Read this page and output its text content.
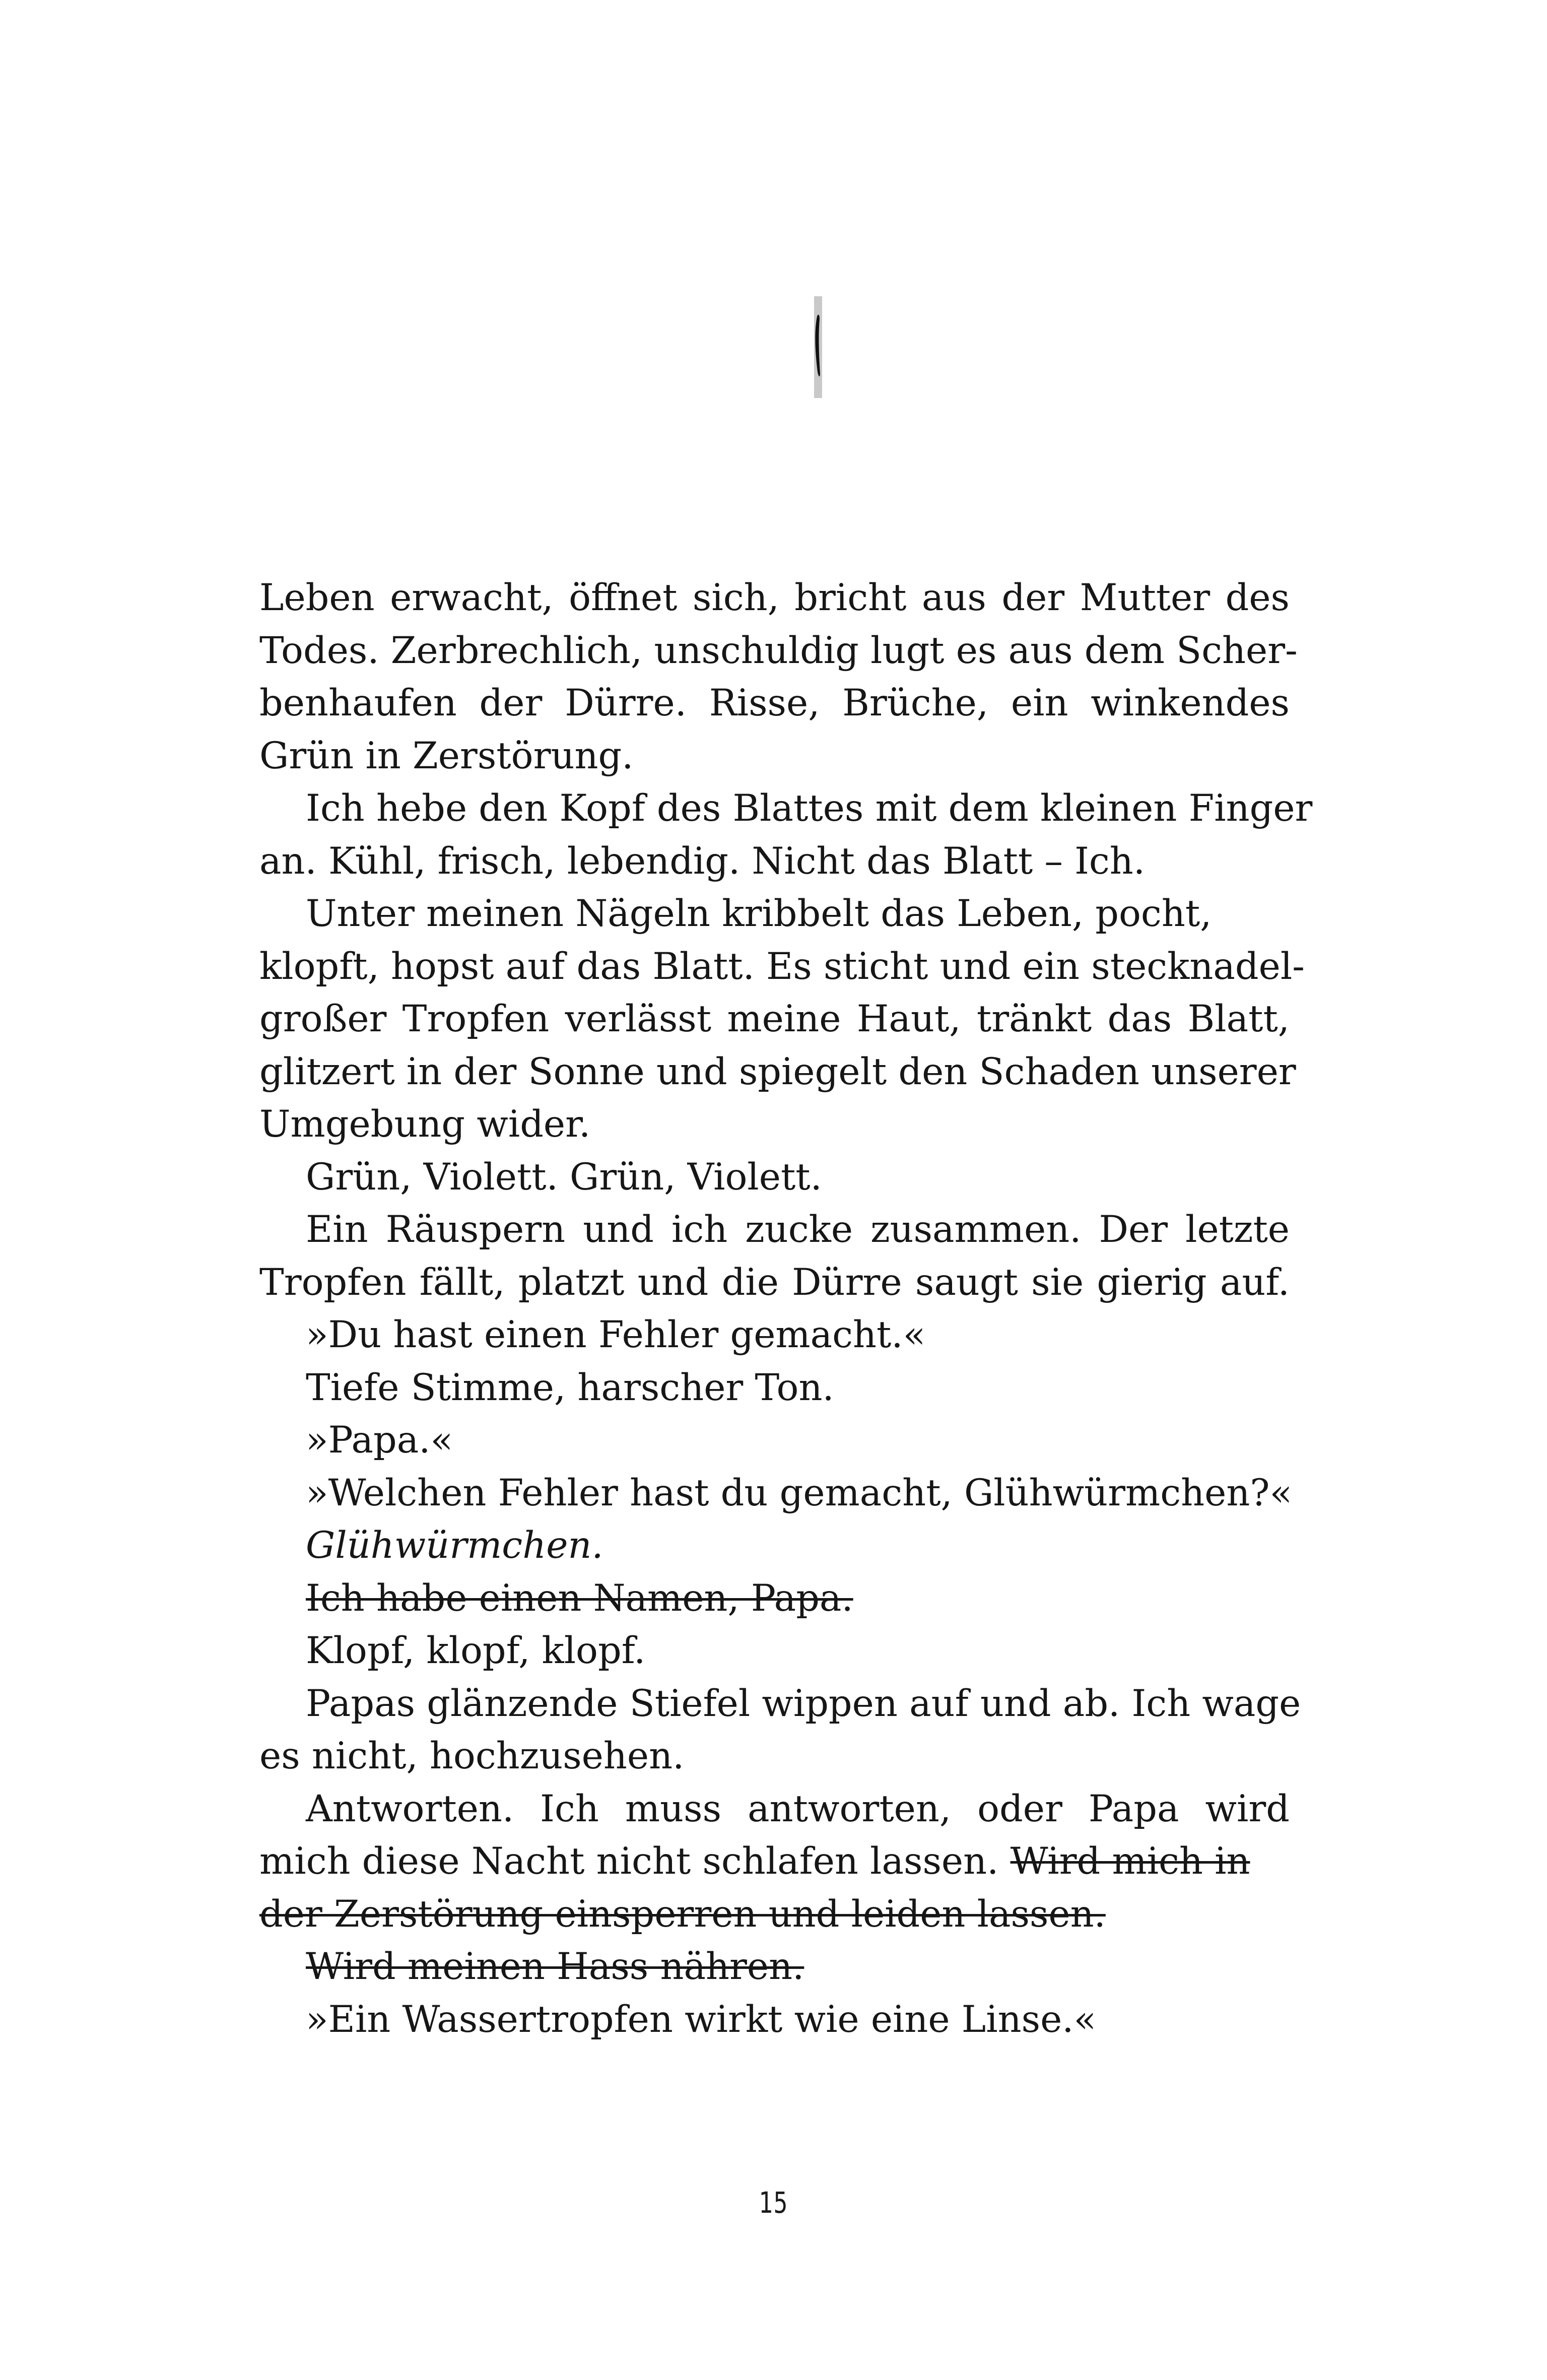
Leben erwacht, öffnet sich, bricht aus der Mutter des
Todes. Zerbrechlich, unschuldig lugt es aus dem Scher-
benhaufen der Dürre. Risse, Brüche, ein winkendes
Grün in Zerstörung.
Ich hebe den Kopf des Blattes mit dem kleinen Finger
an. Kühl, frisch, lebendig. Nicht das Blatt – Ich.
Unter meinen Nägeln kribbelt das Leben, pocht,
klopft, hopst auf das Blatt. Es sticht und ein stecknadel-
großer Tropfen verlässt meine Haut, tränkt das Blatt,
glitzert in der Sonne und spiegelt den Schaden unserer
Umgebung wider.
Grün, Violett. Grün, Violett.
Ein Räuspern und ich zucke zusammen. Der letzte
Tropfen fällt, platzt und die Dürre saugt sie gierig auf.
»Du hast einen Fehler gemacht.«
Tiefe Stimme, harscher Ton.
»Papa.«
»Welchen Fehler hast du gemacht, Glühwürmchen?«
Glühwürmchen.
Ich habe einen Namen, Papa.
Klopf, klopf, klopf.
Papas glänzende Stiefel wippen auf und ab. Ich wage
es nicht, hochzusehen.
Antworten. Ich muss antworten, oder Papa wird
mich diese Nacht nicht schlafen lassen. Wird mich in
der Zerstörung einsperren und leiden lassen.
Wird meinen Hass nähren.
»Ein Wassertropfen wirkt wie eine Linse.«
15
